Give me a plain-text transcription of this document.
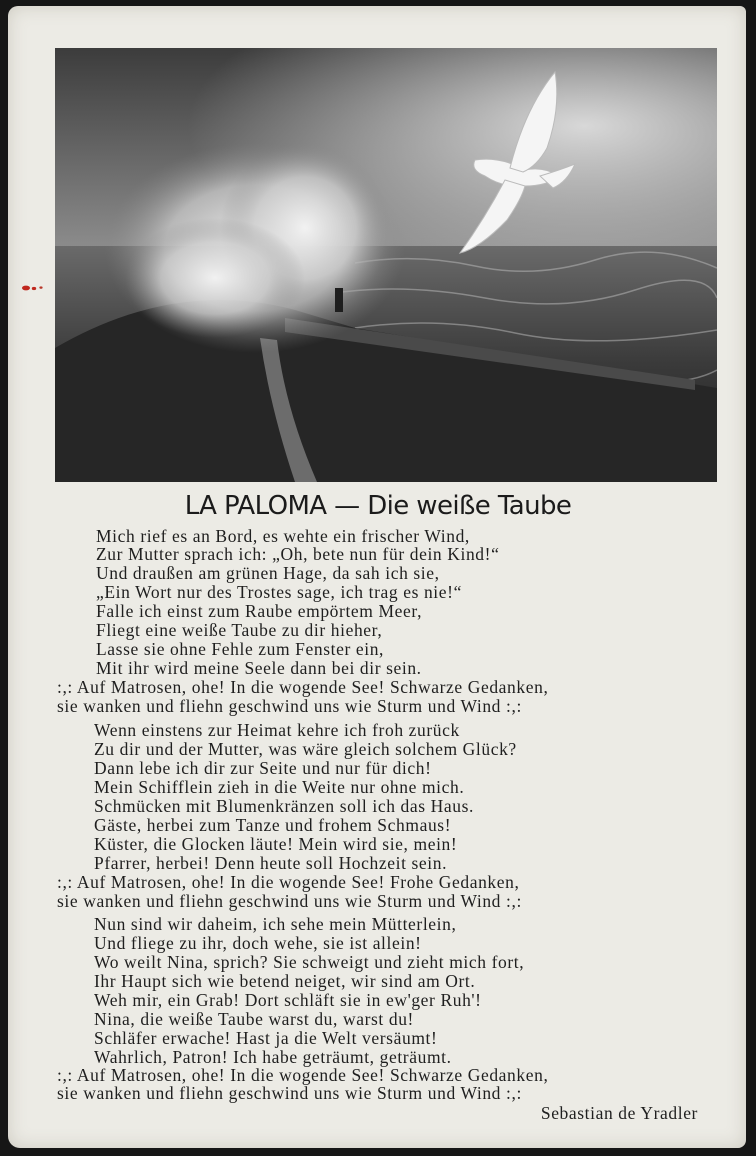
LA PALOMA — Die weiße Taube
Mich rief es an Bord, es wehte ein frischer Wind,
Zur Mutter sprach ich: „Oh, bete nun für dein Kind!“
Und draußen am grünen Hage, da sah ich sie,
„Ein Wort nur des Trostes sage, ich trag es nie!“
Falle ich einst zum Raube empörtem Meer,
Fliegt eine weiße Taube zu dir hieher,
Lasse sie ohne Fehle zum Fenster ein,
Mit ihr wird meine Seele dann bei dir sein.
:,: Auf Matrosen, ohe! In die wogende See! Schwarze Gedanken,
sie wanken und fliehn geschwind uns wie Sturm und Wind :,:
Wenn einstens zur Heimat kehre ich froh zurück
Zu dir und der Mutter, was wäre gleich solchem Glück?
Dann lebe ich dir zur Seite und nur für dich!
Mein Schifflein zieh in die Weite nur ohne mich.
Schmücken mit Blumenkränzen soll ich das Haus.
Gäste, herbei zum Tanze und frohem Schmaus!
Küster, die Glocken läute! Mein wird sie, mein!
Pfarrer, herbei! Denn heute soll Hochzeit sein.
:,: Auf Matrosen, ohe! In die wogende See! Frohe Gedanken,
sie wanken und fliehn geschwind uns wie Sturm und Wind :,:
Nun sind wir daheim, ich sehe mein Mütterlein,
Und fliege zu ihr, doch wehe, sie ist allein!
Wo weilt Nina, sprich? Sie schweigt und zieht mich fort,
Ihr Haupt sich wie betend neiget, wir sind am Ort.
Weh mir, ein Grab! Dort schläft sie in ew'ger Ruh'!
Nina, die weiße Taube warst du, warst du!
Schläfer erwache! Hast ja die Welt versäumt!
Wahrlich, Patron! Ich habe geträumt, geträumt.
:,: Auf Matrosen, ohe! In die wogende See! Schwarze Gedanken,
sie wanken und fliehn geschwind uns wie Sturm und Wind :,:
Sebastian de Yradler
